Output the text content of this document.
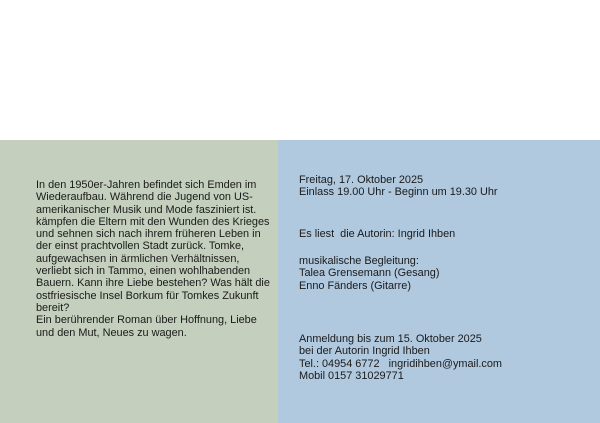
In den 1950er-Jahren befindet sich Emden im Wiederaufbau. Während die Jugend von US-amerikanischer Musik und Mode fasziniert ist. kämpfen die Eltern mit den Wunden des Krieges und sehnen sich nach ihrem früheren Leben in der einst prachtvollen Stadt zurück. Tomke, aufgewachsen in ärmlichen Verhältnissen, verliebt sich in Tammo, einen wohlhabenden Bauern. Kann ihre Liebe bestehen? Was hält die ostfriesische Insel Borkum für Tomkes Zukunft bereit?

Ein berührender Roman über Hoffnung, Liebe und den Mut, Neues zu wagen.

Freitag, 17. Oktober 2025
Einlass 19.00 Uhr - Beginn um 19.30 Uhr
Es liest  die Autorin: Ingrid Ihben
musikalische Begleitung:
Talea Grensemann (Gesang)
Enno Fänders (Gitarre)
Anmeldung bis zum 15. Oktober 2025
bei der Autorin Ingrid Ihben
Tel.: 04954 6772   ingridihben@ymail.com
Mobil 0157 31029771
